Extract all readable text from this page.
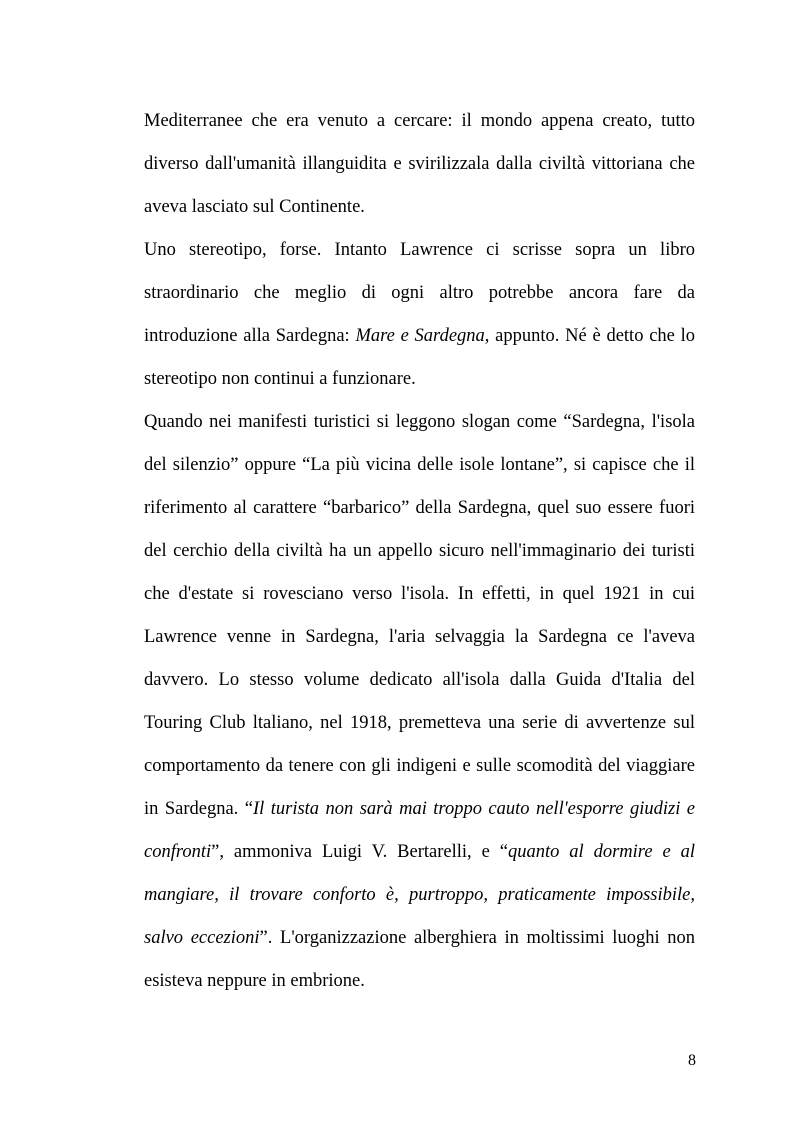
Mediterranee che era venuto a cercare: il mondo appena creato, tutto diverso dall'umanità illanguidita e svirilizzala dalla civiltà vittoriana che aveva lasciato sul Continente.

Uno stereotipo, forse. Intanto Lawrence ci scrisse sopra un libro straordinario che meglio di ogni altro potrebbe ancora fare da introduzione alla Sardegna: Mare e Sardegna, appunto. Né è detto che lo stereotipo non continui a funzionare.

Quando nei manifesti turistici si leggono slogan come “Sardegna, l'isola del silenzio” oppure “La più vicina delle isole lontane”, si capisce che il riferimento al carattere “barbarico” della Sardegna, quel suo essere fuori del cerchio della civiltà ha un appello sicuro nell'immaginario dei turisti che d'estate si rovesciano verso l'isola. In effetti, in quel 1921 in cui Lawrence venne in Sardegna, l'aria selvaggia la Sardegna ce l'aveva davvero. Lo stesso volume dedicato all'isola dalla Guida d'Italia del Touring Club ltaliano, nel 1918, premetteva una serie di avvertenze sul comportamento da tenere con gli indigeni e sulle scomodità del viaggiare in Sardegna. “Il turista non sarà mai troppo cauto nell'esporre giudizi e confronti”, ammoniva Luigi V. Bertarelli, e “quanto al dormire e al mangiare, il trovare conforto è, purtroppo, praticamente impossibile, salvo eccezioni”. L'organizzazione alberghiera in moltissimi luoghi non esisteva neppure in embrione.

8
